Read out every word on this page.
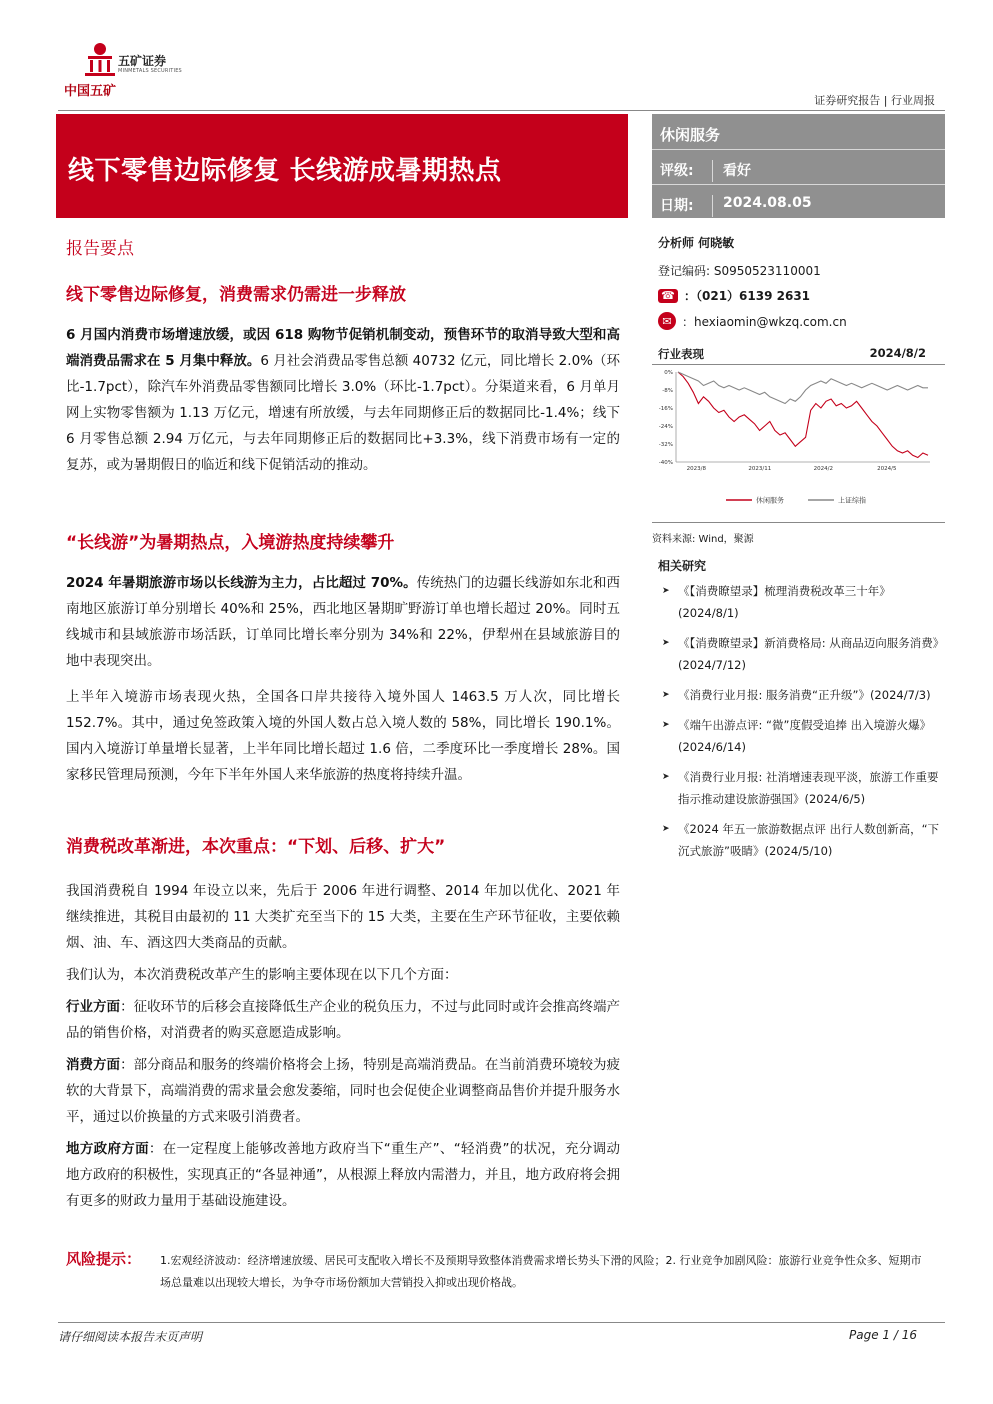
中国五矿
五矿证券
MINMETALS SECURITIES
证券研究报告 | 行业周报
线下零售边际修复 长线游成暑期热点
休闲服务
评级:	看好
日期:	2024.08.05
报告要点
线下零售边际修复，消费需求仍需进一步释放
6 月国内消费市场增速放缓，或因 618 购物节促销机制变动，预售环节的取消导致大型和高端消费品需求在 5 月集中释放。6 月社会消费品零售总额 40732 亿元，同比增长 2.0%（环比-1.7pct），除汽车外消费品零售额同比增长 3.0%（环比-1.7pct）。分渠道来看，6 月单月网上实物零售额为 1.13 万亿元，增速有所放缓，与去年同期修正后的数据同比-1.4%；线下 6 月零售总额 2.94 万亿元，与去年同期修正后的数据同比+3.3%，线下消费市场有一定的复苏，或为暑期假日的临近和线下促销活动的推动。
“长线游”为暑期热点，入境游热度持续攀升
2024 年暑期旅游市场以长线游为主力，占比超过 70%。传统热门的边疆长线游如东北和西南地区旅游订单分别增长 40%和 25%，西北地区暑期旷野游订单也增长超过 20%。同时五线城市和县域旅游市场活跃，订单同比增长率分别为 34%和 22%，伊犁州在县域旅游目的地中表现突出。
上半年入境游市场表现火热，全国各口岸共接待入境外国人 1463.5 万人次，同比增长 152.7%。其中，通过免签政策入境的外国人数占总入境人数的 58%，同比增长 190.1%。国内入境游订单量增长显著，上半年同比增长超过 1.6 倍，二季度环比一季度增长 28%。国家移民管理局预测，今年下半年外国人来华旅游的热度将持续升温。
消费税改革渐进，本次重点：“下划、后移、扩大”
我国消费税自 1994 年设立以来，先后于 2006 年进行调整、2014 年加以优化、2021 年继续推进，其税目由最初的 11 大类扩充至当下的 15 大类，主要在生产环节征收，主要依赖烟、油、车、酒这四大类商品的贡献。
我们认为，本次消费税改革产生的影响主要体现在以下几个方面：
行业方面：征收环节的后移会直接降低生产企业的税负压力，不过与此同时或许会推高终端产品的销售价格，对消费者的购买意愿造成影响。
消费方面：部分商品和服务的终端价格将会上扬，特别是高端消费品。在当前消费环境较为疲软的大背景下，高端消费的需求量会愈发萎缩，同时也会促使企业调整商品售价并提升服务水平，通过以价换量的方式来吸引消费者。
地方政府方面：在一定程度上能够改善地方政府当下“重生产”、“轻消费”的状况，充分调动地方政府的积极性，实现真正的“各显神通”，从根源上释放内需潜力，并且，地方政府将会拥有更多的财政力量用于基础设施建设。
分析师 何晓敏
登记编码: S0950523110001
☎ ：（021）6139 2631
✉ ：hexiaomin@wkzq.com.cn
行业表现	2024/8/2
0%
-8%
-16%
-24%
-32%
-40%
2023/8	2023/11	2024/2	2024/5
休闲服务	上证综指
资料来源: Wind，聚源
相关研究
➤ 《【消费瞭望录】梳理消费税改革三十年》(2024/8/1)
➤ 《【消费瞭望录】新消费格局: 从商品迈向服务消费》(2024/7/12)
➤ 《消费行业月报: 服务消费“正升级”》(2024/7/3)
➤ 《端午出游点评: “微”度假受追捧 出入境游火爆》(2024/6/14)
➤ 《消费行业月报: 社消增速表现平淡，旅游工作重要指示推动建设旅游强国》(2024/6/5)
➤ 《2024 年五一旅游数据点评 出行人数创新高，“下沉式旅游”吸睛》(2024/5/10)
风险提示： 1.宏观经济波动：经济增速放缓、居民可支配收入增长不及预期导致整体消费需求增长势头下滑的风险；2. 行业竞争加剧风险：旅游行业竞争性众多、短期市场总量难以出现较大增长，为争夺市场份额加大营销投入抑或出现价格战。
请仔细阅读本报告末页声明	Page 1 / 16
